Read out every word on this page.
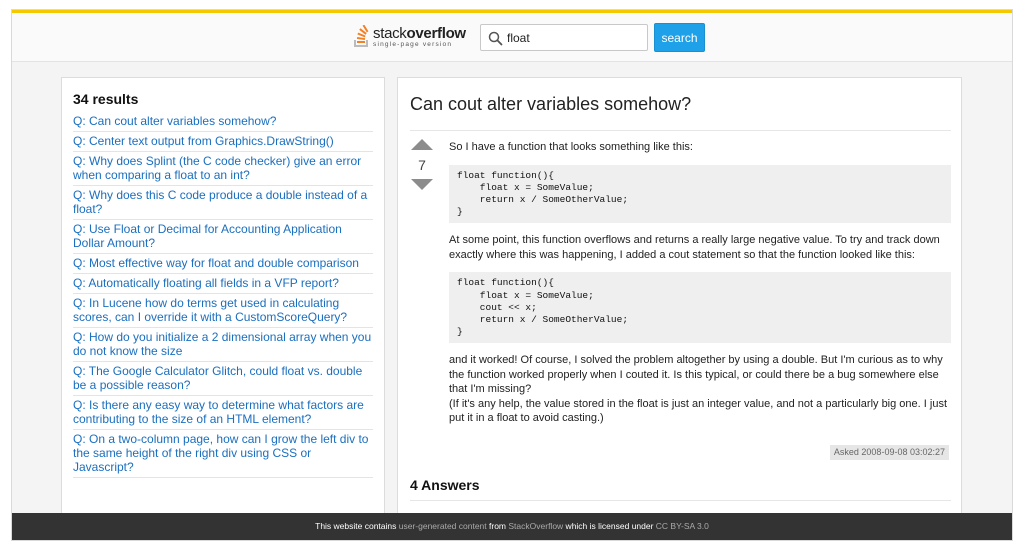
stackoverflow
single-page version
float	search
34 results
Q: Can cout alter variables somehow?
Q: Center text output from Graphics.DrawString()
Q: Why does Splint (the C code checker) give an error when comparing a float to an int?
Q: Why does this C code produce a double instead of a float?
Q: Use Float or Decimal for Accounting Application Dollar Amount?
Q: Most effective way for float and double comparison
Q: Automatically floating all fields in a VFP report?
Q: In Lucene how do terms get used in calculating scores, can I override it with a CustomScoreQuery?
Q: How do you initialize a 2 dimensional array when you do not know the size
Q: The Google Calculator Glitch, could float vs. double be a possible reason?
Q: Is there any easy way to determine what factors are contributing to the size of an HTML element?
Q: On a two-column page, how can I grow the left div to the same height of the right div using CSS or Javascript?
Can cout alter variables somehow?
7

So I have a function that looks something like this:

float function(){
float x = SomeValue;
return x / SomeOtherValue;
}

At some point, this function overflows and returns a really large negative value. To try and track down exactly where this was happening, I added a cout statement so that the function looked like this:

float function(){
float x = SomeValue;
cout << x;
return x / SomeOtherValue;
}

and it worked! Of course, I solved the problem altogether by using a double. But I'm curious as to why the function worked properly when I couted it. Is this typical, or could there be a bug somewhere else that I'm missing?

(If it's any help, the value stored in the float is just an integer value, and not a particularly big one. I just put it in a float to avoid casting.)

Asked 2008-09-08 03:02:27
4 Answers
This website contains user-generated content from StackOverflow which is licensed under CC BY-SA 3.0
